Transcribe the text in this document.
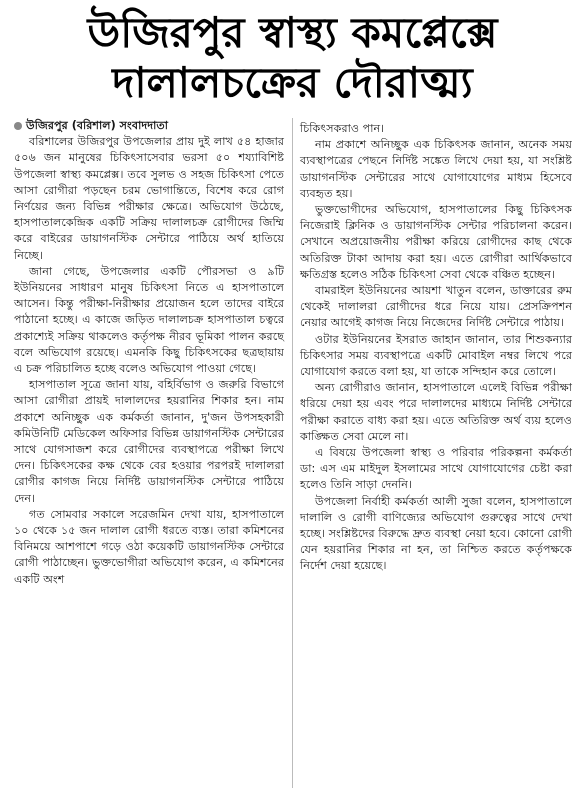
উজিরপুর স্বাস্থ্য কমপ্লেক্সে
দালালচক্রের দৌরাত্ম্য

উজিরপুর (বরিশাল) সংবাদদাতা

বরিশালের উজিরপুর উপজেলার প্রায় দুই লাখ ৫৪ হাজার ৫০৬ জন মানুষের চিকিৎসাসেবার ভরসা ৫০ শয্যাবিশিষ্ট উপজেলা স্বাস্থ্য কমপ্লেক্স। তবে সুলভ ও সহজ চিকিৎসা পেতে আসা রোগীরা পড়ছেন চরম ভোগান্তিতে, বিশেষ করে রোগ নির্ণয়ের জন্য বিভিন্ন পরীক্ষার ক্ষেত্রে। অভিযোগ উঠেছে, হাসপাতালকেন্দ্রিক একটি সক্রিয় দালালচক্র রোগীদের জিম্মি করে বাইরের ডায়াগনস্টিক সেন্টারে পাঠিয়ে অর্থ হাতিয়ে নিচ্ছে।

জানা গেছে, উপজেলার একটি পৌরসভা ও ৯টি ইউনিয়নের সাধারণ মানুষ চিকিৎসা নিতে এ হাসপাতালে আসেন। কিন্তু পরীক্ষা-নিরীক্ষার প্রয়োজন হলে তাদের বাইরে পাঠানো হচ্ছে। এ কাজে জড়িত দালালচক্র হাসপাতাল চত্বরে প্রকাশ্যেই সক্রিয় থাকলেও কর্তৃপক্ষ নীরব ভূমিকা পালন করছে বলে অভিযোগ রয়েছে। এমনকি কিছু চিকিৎসকের ছত্রছায়ায় এ চক্র পরিচালিত হচ্ছে বলেও অভিযোগ পাওয়া গেছে।

হাসপাতাল সূত্রে জানা যায়, বহির্বিভাগ ও জরুরি বিভাগে আসা রোগীরা প্রায়ই দালালদের হয়রানির শিকার হন। নাম প্রকাশে অনিচ্ছুক এক কর্মকর্তা জানান, দু'জন উপসহকারী কমিউনিটি মেডিকেল অফিসার বিভিন্ন ডায়াগনস্টিক সেন্টারের সাথে যোগসাজশ করে রোগীদের ব্যবস্থাপত্রে পরীক্ষা লিখে দেন। চিকিৎসকের কক্ষ থেকে বের হওয়ার পরপরই দালালরা রোগীর কাগজ নিয়ে নির্দিষ্ট ডায়াগনস্টিক সেন্টারে পাঠিয়ে দেন।

গত সোমবার সকালে সরেজমিন দেখা যায়, হাসপাতালে ১০ থেকে ১৫ জন দালাল রোগী ধরতে ব্যস্ত। তারা কমিশনের বিনিময়ে আশপাশে গড়ে ওঠা কয়েকটি ডায়াগনস্টিক সেন্টারে রোগী পাঠাচ্ছেন। ভুক্তভোগীরা অভিযোগ করেন, এ কমিশনের একটি অংশ

চিকিৎসকরাও পান।

নাম প্রকাশে অনিচ্ছুক এক চিকিৎসক জানান, অনেক সময় ব্যবস্থাপত্রের পেছনে নির্দিষ্ট সঙ্কেত লিখে দেয়া হয়, যা সংশ্লিষ্ট ডায়াগনস্টিক সেন্টারের সাথে যোগাযোগের মাধ্যম হিসেবে ব্যবহৃত হয়।

ভুক্তভোগীদের অভিযোগ, হাসপাতালের কিছু চিকিৎসক নিজেরাই ক্লিনিক ও ডায়াগনস্টিক সেন্টার পরিচালনা করেন। সেখানে অপ্রয়োজনীয় পরীক্ষা করিয়ে রোগীদের কাছ থেকে অতিরিক্ত টাকা আদায় করা হয়। এতে রোগীরা আর্থিকভাবে ক্ষতিগ্রস্ত হলেও সঠিক চিকিৎসা সেবা থেকে বঞ্চিত হচ্ছেন।

বামরাইল ইউনিয়নের আয়শা খাতুন বলেন, ডাক্তারের রুম থেকেই দালালরা রোগীদের ধরে নিয়ে যায়। প্রেসক্রিপশন নেয়ার আগেই কাগজ নিয়ে নিজেদের নির্দিষ্ট সেন্টারে পাঠায়।

ওটার ইউনিয়নের ইসরাত জাহান জানান, তার শিশুকন্যার চিকিৎসার সময় ব্যবস্থাপত্রে একটি মোবাইল নম্বর লিখে পরে যোগাযোগ করতে বলা হয়, যা তাকে সন্দিহান করে তোলে।

অন্য রোগীরাও জানান, হাসপাতালে এলেই বিভিন্ন পরীক্ষা ধরিয়ে দেয়া হয় এবং পরে দালালদের মাধ্যমে নির্দিষ্ট সেন্টারে পরীক্ষা করাতে বাধ্য করা হয়। এতে অতিরিক্ত অর্থ ব্যয় হলেও কাঙ্ক্ষিত সেবা মেলে না।

এ বিষয়ে উপজেলা স্বাস্থ্য ও পরিবার পরিকল্পনা কর্মকর্তা ডা: এস এম মাইদুল ইসলামের সাথে যোগাযোগের চেষ্টা করা হলেও তিনি সাড়া দেননি।

উপজেলা নির্বাহী কর্মকর্তা আলী সুজা বলেন, হাসপাতালে দালালি ও রোগী বাণিজ্যের অভিযোগ গুরুত্বের সাথে দেখা হচ্ছে। সংশ্লিষ্টদের বিরুদ্ধে দ্রুত ব্যবস্থা নেয়া হবে। কোনো রোগী যেন হয়রানির শিকার না হন, তা নিশ্চিত করতে কর্তৃপক্ষকে নির্দেশ দেয়া হয়েছে।
